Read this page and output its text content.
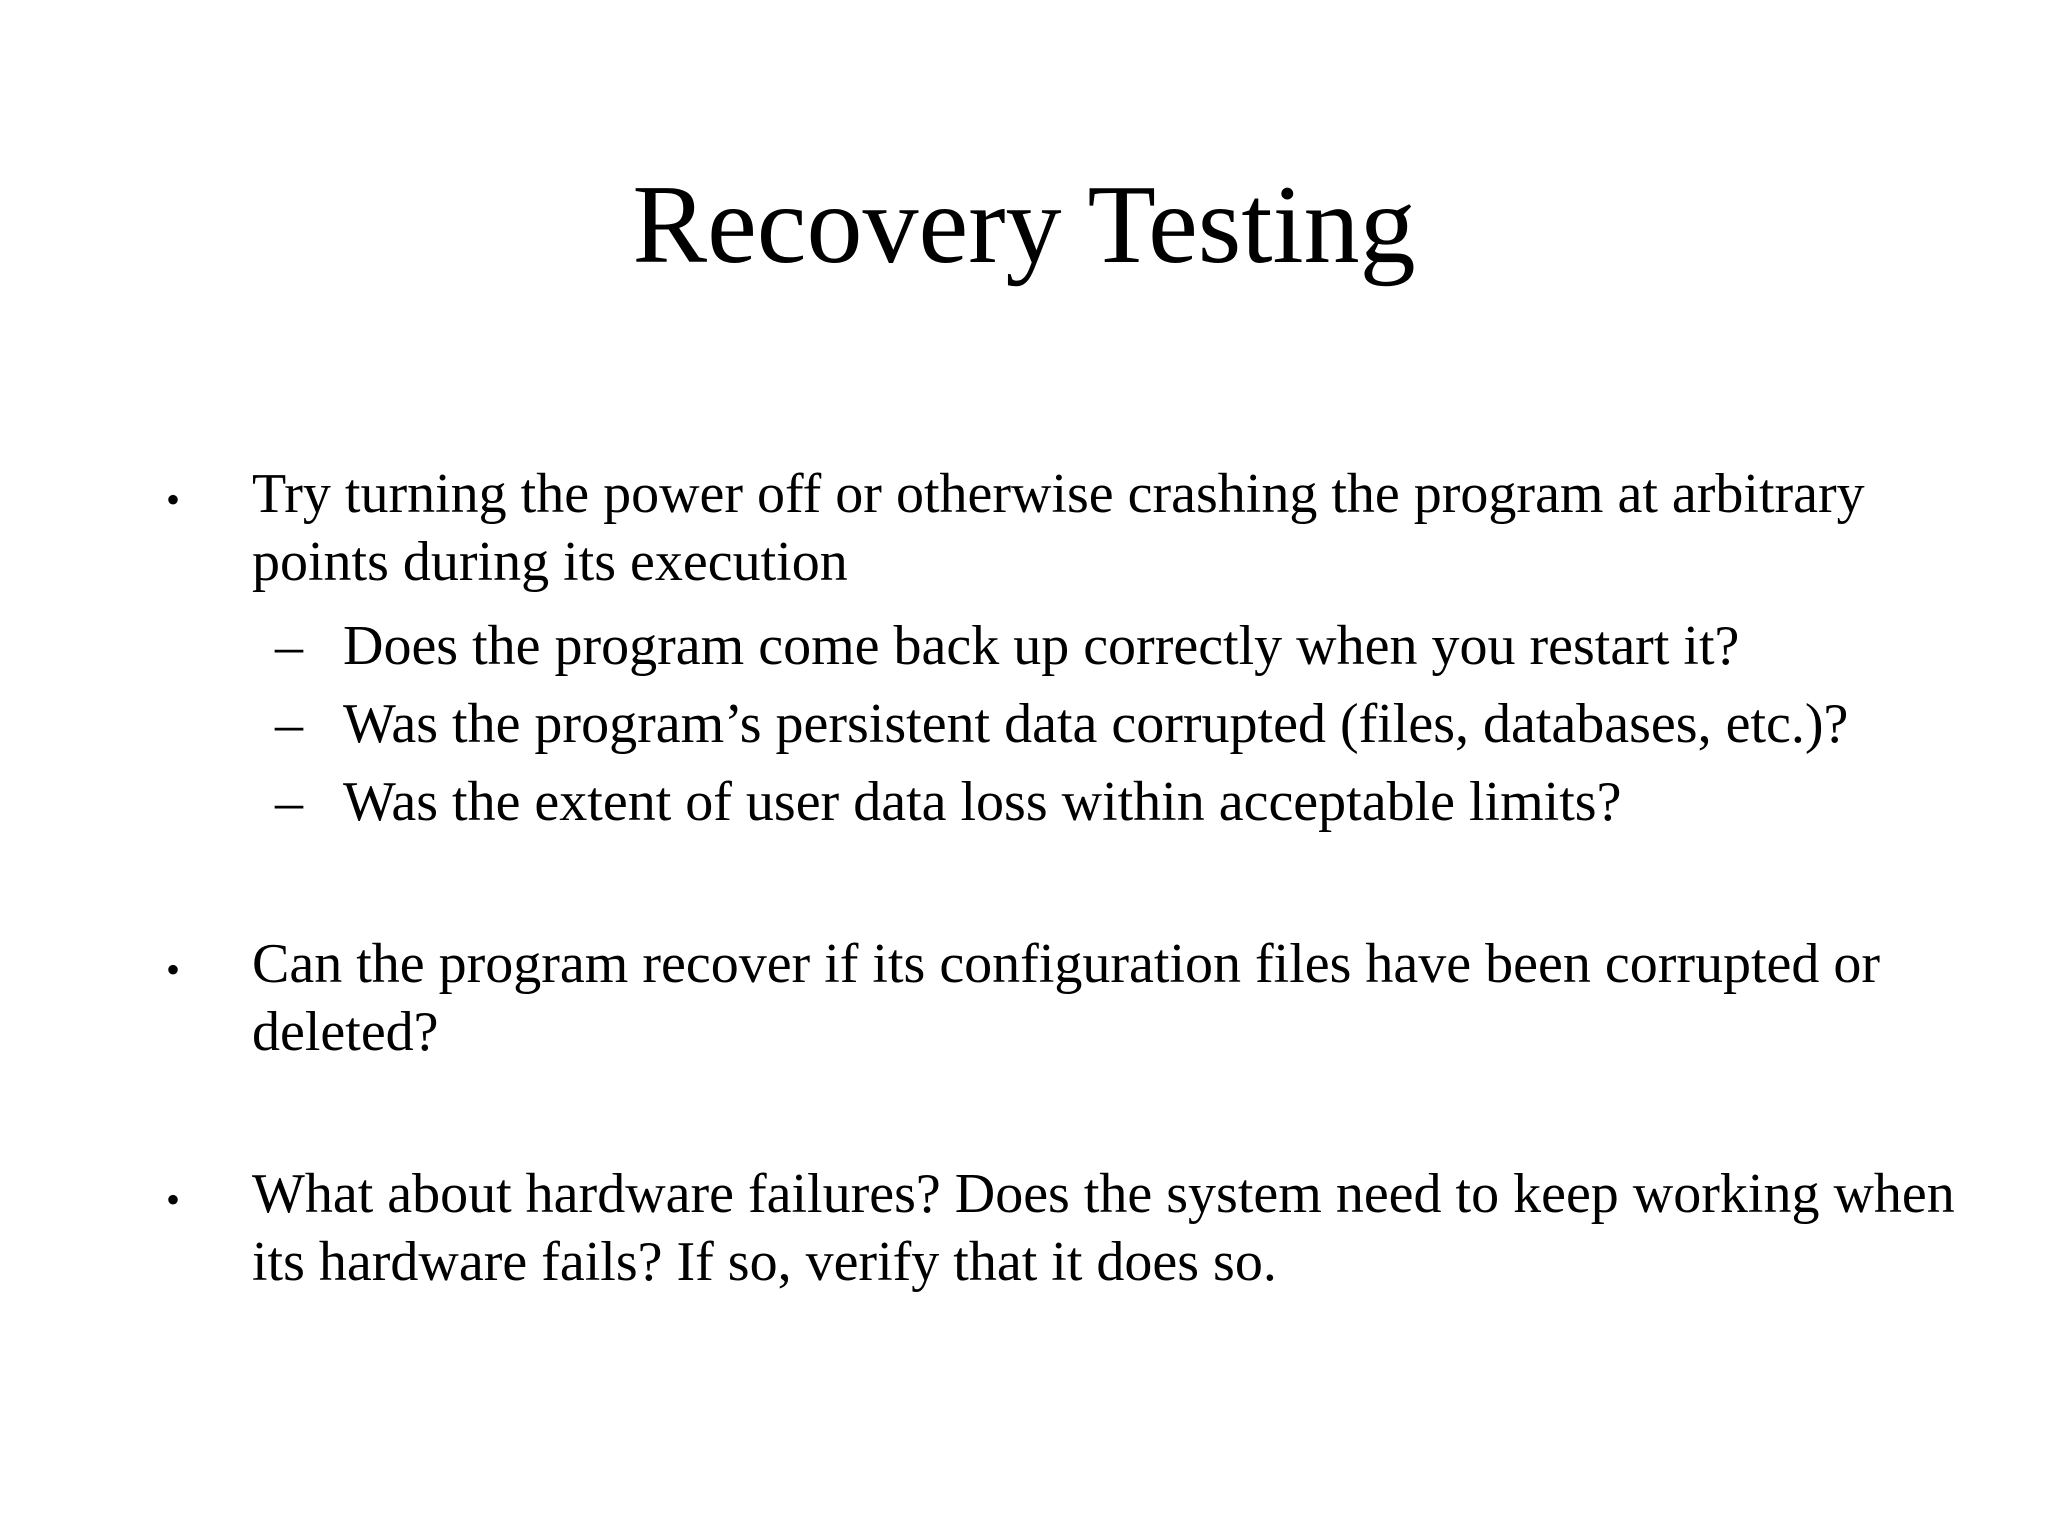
Recovery Testing
• Try turning the power off or otherwise crashing the program at arbitrary points during its execution
– Does the program come back up correctly when you restart it?
– Was the program’s persistent data corrupted (files, databases, etc.)?
– Was the extent of user data loss within acceptable limits?
• Can the program recover if its configuration files have been corrupted or deleted?
• What about hardware failures? Does the system need to keep working when its hardware fails? If so, verify that it does so.
